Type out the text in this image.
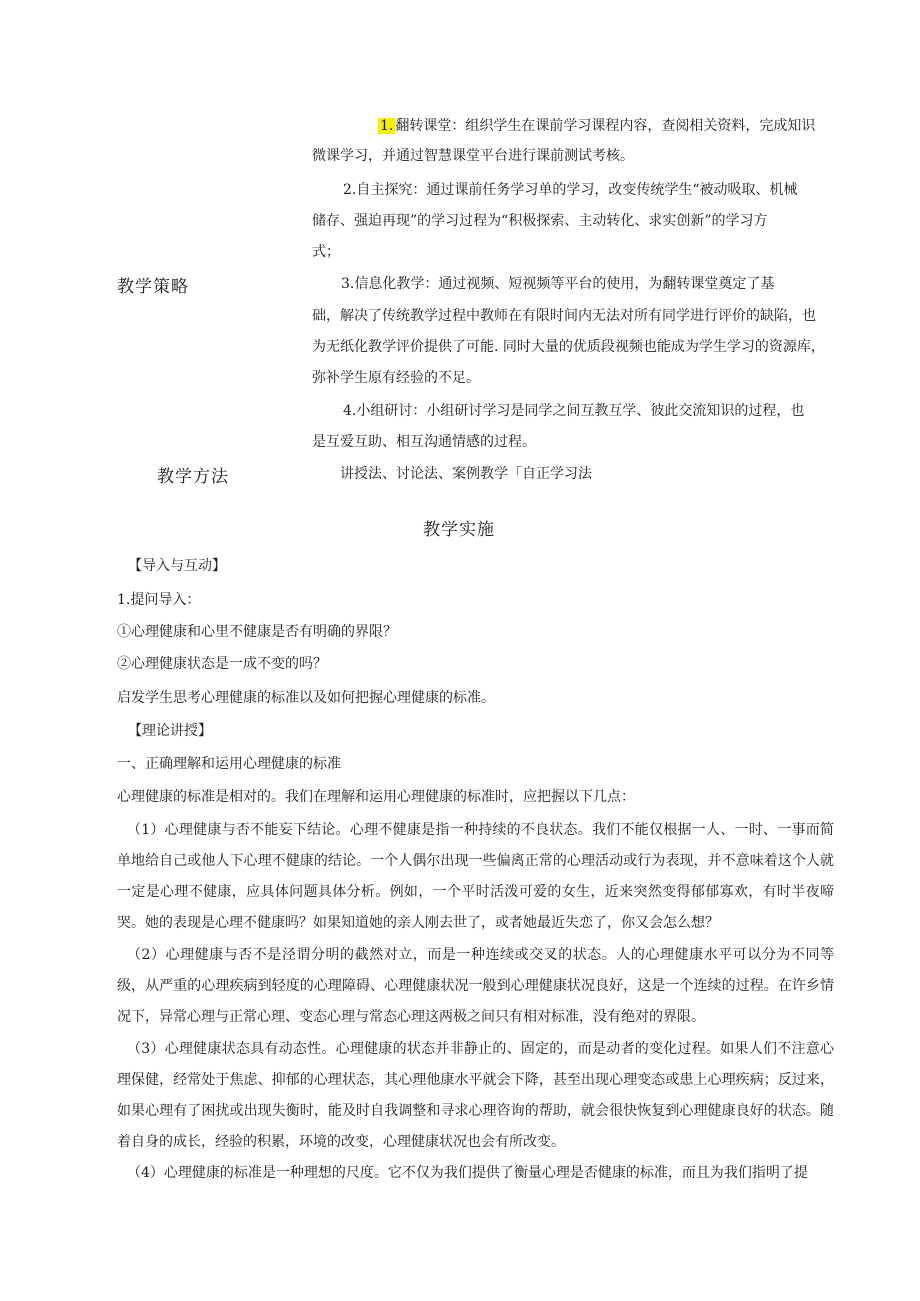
教学策略
1. 翻转课堂：组织学生在课前学习课程内容，查阅相关资料，完成知识
微课学习，并通过智慧课堂平台进行课前测试考核。
2.自主探究：通过课前任务学习单的学习，改变传统学生“被动吸取、机械
储存、强迫再现”的学习过程为“积极探索、主动转化、求实创新”的学习方
式；
3.信息化教学：通过视频、短视频等平台的使用，为翻转课堂奠定了基
础，解决了传统教学过程中教师在有限时间内无法对所有同学进行评价的缺陷，也
为无纸化教学评价提供了可能. 同时大量的优质段视频也能成为学生学习的资源库，
弥补学生原有经验的不足。
4.小组研讨：小组研讨学习是同学之间互教互学、彼此交流知识的过程，也
是互爱互助、相互沟通情感的过程。
教学方法	讲授法、讨论法、案例教学「自正学习法
教学实施
【导入与互动】
1.提问导入：
①心理健康和心里不健康是否有明确的界限？
②心理健康状态是一成不变的吗？
启发学生思考心理健康的标准以及如何把握心理健康的标准。
【理论讲授】
一、正确理解和运用心理健康的标准
心理健康的标准是相对的。我们在理解和运用心理健康的标准时，应把握以下几点：
（1）心理健康与否不能妄下结论。心理不健康是指一种持续的不良状态。我们不能仅根据一人、一时、一事而简单地给自己或他人下心理不健康的结论。一个人偶尔出现一些偏离正常的心理活动或行为表现，并不意味着这个人就一定是心理不健康，应具体问题具体分析。例如，一个平时活泼可爱的女生，近来突然变得郁郁寡欢，有时半夜啼哭。她的表现是心理不健康吗？如果知道她的亲人刚去世了，或者她最近失恋了，你又会怎么想？
（2）心理健康与否不是泾谓分明的截然对立，而是一种连续或交叉的状态。人的心理健康水平可以分为不同等级，从严重的心理疾病到轻度的心理障碍、心理健康状况一般到心理健康状况良好，这是一个连续的过程。在许乡情况下，异常心理与正常心理、变态心理与常态心理这两极之间只有相对标准，没有绝对的界限。
（3）心理健康状态具有动态性。心理健康的状态并非静止的、固定的，而是动者的变化过程。如果人们不注意心理保健，经常处于焦虑、抑郁的心理状态，其心理他康水平就会下降，甚至出现心理变态或患上心理疾病；反过来，如果心理有了困扰或出现失衡时，能及时自我调整和寻求心理咨询的帮助，就会很快恢复到心理健康良好的状态。随着自身的成长，经验的积累，环境的改变，心理健康状况也会有所改变。
（4）心理健康的标准是一种理想的尺度。它不仅为我们提供了衡量心理是否健康的标准，而且为我们指明了提
